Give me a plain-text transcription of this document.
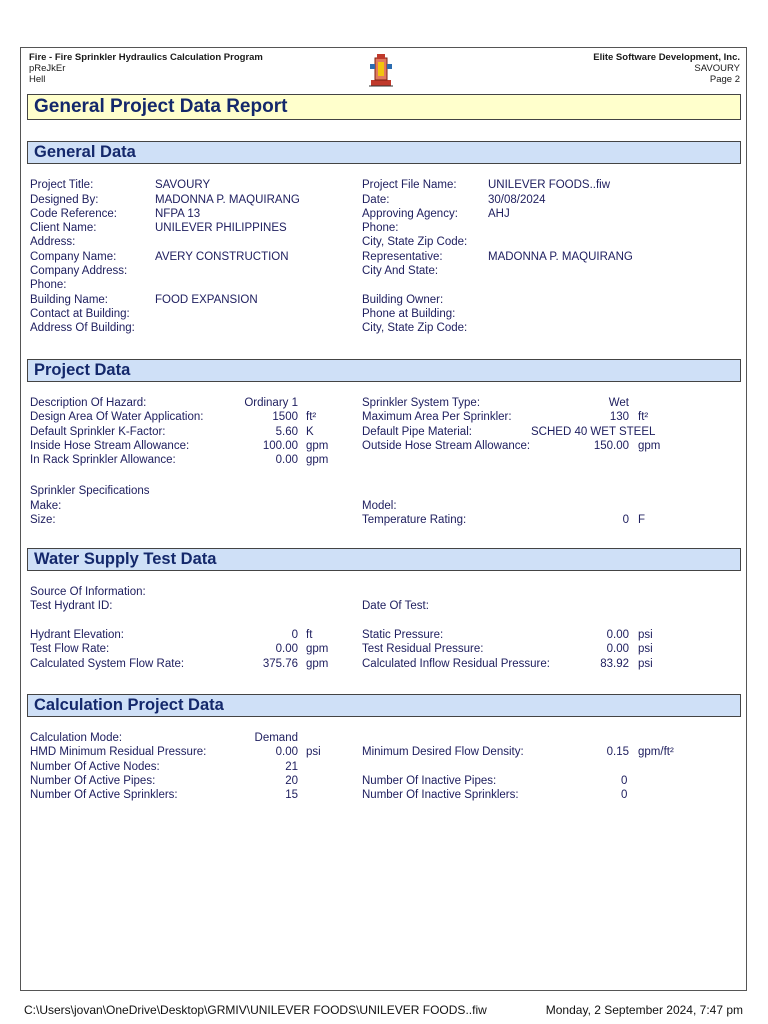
Fire - Fire Sprinkler Hydraulics Calculation Program
pReJkEr
Hell
Elite Software Development, Inc.
SAVOURY
Page 2
General Project Data Report
General Data
Project Title:	SAVOURY
Designed By:	MADONNA P. MAQUIRANG
Code Reference:	NFPA 13
Client Name:	UNILEVER PHILIPPINES
Address:
Company Name:	AVERY CONSTRUCTION
Company Address:
Phone:
Building Name:	FOOD EXPANSION
Contact at Building:
Address Of Building:
Project File Name:	UNILEVER FOODS..fiw
Date:	30/08/2024
Approving Agency:	AHJ
Phone:
City, State Zip Code:
Representative:	MADONNA P. MAQUIRANG
City And State:
Building Owner:
Phone at Building:
City, State Zip Code:
Project Data
Description Of Hazard:	Ordinary 1
Design Area Of Water Application:	1500 ft²
Default Sprinkler K-Factor:	5.60 K
Inside Hose Stream Allowance:	100.00 gpm
In Rack Sprinkler Allowance:	0.00 gpm
Sprinkler System Type:	Wet
Maximum Area Per Sprinkler:	130 ft²
Default Pipe Material:	SCHED 40 WET STEEL
Outside Hose Stream Allowance:	150.00 gpm
Sprinkler Specifications
Make:
Size:
Model:
Temperature Rating:	0 F
Water Supply Test Data
Source Of Information:
Test Hydrant ID:	Date Of Test:
Hydrant Elevation:	0 ft
Test Flow Rate:	0.00 gpm
Calculated System Flow Rate:	375.76 gpm
Static Pressure:	0.00 psi
Test Residual Pressure:	0.00 psi
Calculated Inflow Residual Pressure:	83.92 psi
Calculation Project Data
Calculation Mode:	Demand
HMD Minimum Residual Pressure:	0.00 psi
Number Of Active Nodes:	21
Number Of Active Pipes:	20
Number Of Active Sprinklers:	15
Minimum Desired Flow Density:	0.15 gpm/ft²
Number Of Inactive Pipes:	0
Number Of Inactive Sprinklers:	0
C:\Users\jovan\OneDrive\Desktop\GRMIV\UNILEVER FOODS\UNILEVER FOODS..fiw	Monday, 2 September 2024, 7:47 pm
